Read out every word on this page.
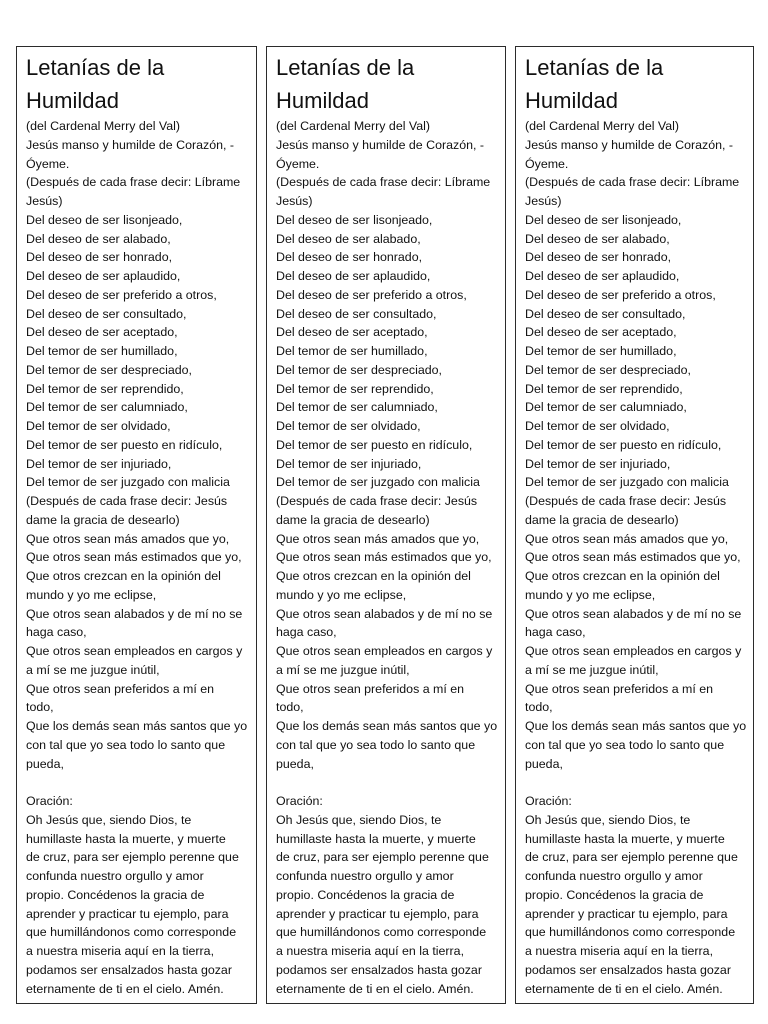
Letanías de la
Humildad
(del Cardenal Merry del Val)
Jesús manso y humilde de Corazón, -
Óyeme.
(Después de cada frase decir: Líbrame
Jesús)
Del deseo de ser lisonjeado,
Del deseo de ser alabado,
Del deseo de ser honrado,
Del deseo de ser aplaudido,
Del deseo de ser preferido a otros,
Del deseo de ser consultado,
Del deseo de ser aceptado,
Del temor de ser humillado,
Del temor de ser despreciado,
Del temor de ser reprendido,
Del temor de ser calumniado,
Del temor de ser olvidado,
Del temor de ser puesto en ridículo,
Del temor de ser injuriado,
Del temor de ser juzgado con malicia
(Después de cada frase decir: Jesús
dame la gracia de desearlo)
Que otros sean más amados que yo,
Que otros sean más estimados que yo,
Que otros crezcan en la opinión del
mundo y yo me eclipse,
Que otros sean alabados y de mí no se
haga caso,
Que otros sean empleados en cargos y
a mí se me juzgue inútil,
Que otros sean preferidos a mí en
todo,
Que los demás sean más santos que yo
con tal que yo sea todo lo santo que
pueda,
Oración:
Oh Jesús que, siendo Dios, te
humillaste hasta la muerte, y muerte
de cruz, para ser ejemplo perenne que
confunda nuestro orgullo y amor
propio. Concédenos la gracia de
aprender y practicar tu ejemplo, para
que humillándonos como corresponde
a nuestra miseria aquí en la tierra,
podamos ser ensalzados hasta gozar
eternamente de ti en el cielo. Amén.
Letanías de la
Humildad
(del Cardenal Merry del Val)
Jesús manso y humilde de Corazón, -
Óyeme.
(Después de cada frase decir: Líbrame
Jesús)
Del deseo de ser lisonjeado,
Del deseo de ser alabado,
Del deseo de ser honrado,
Del deseo de ser aplaudido,
Del deseo de ser preferido a otros,
Del deseo de ser consultado,
Del deseo de ser aceptado,
Del temor de ser humillado,
Del temor de ser despreciado,
Del temor de ser reprendido,
Del temor de ser calumniado,
Del temor de ser olvidado,
Del temor de ser puesto en ridículo,
Del temor de ser injuriado,
Del temor de ser juzgado con malicia
(Después de cada frase decir: Jesús
dame la gracia de desearlo)
Que otros sean más amados que yo,
Que otros sean más estimados que yo,
Que otros crezcan en la opinión del
mundo y yo me eclipse,
Que otros sean alabados y de mí no se
haga caso,
Que otros sean empleados en cargos y
a mí se me juzgue inútil,
Que otros sean preferidos a mí en
todo,
Que los demás sean más santos que yo
con tal que yo sea todo lo santo que
pueda,
Oración:
Oh Jesús que, siendo Dios, te
humillaste hasta la muerte, y muerte
de cruz, para ser ejemplo perenne que
confunda nuestro orgullo y amor
propio. Concédenos la gracia de
aprender y practicar tu ejemplo, para
que humillándonos como corresponde
a nuestra miseria aquí en la tierra,
podamos ser ensalzados hasta gozar
eternamente de ti en el cielo. Amén.
Letanías de la
Humildad
(del Cardenal Merry del Val)
Jesús manso y humilde de Corazón, -
Óyeme.
(Después de cada frase decir: Líbrame
Jesús)
Del deseo de ser lisonjeado,
Del deseo de ser alabado,
Del deseo de ser honrado,
Del deseo de ser aplaudido,
Del deseo de ser preferido a otros,
Del deseo de ser consultado,
Del deseo de ser aceptado,
Del temor de ser humillado,
Del temor de ser despreciado,
Del temor de ser reprendido,
Del temor de ser calumniado,
Del temor de ser olvidado,
Del temor de ser puesto en ridículo,
Del temor de ser injuriado,
Del temor de ser juzgado con malicia
(Después de cada frase decir: Jesús
dame la gracia de desearlo)
Que otros sean más amados que yo,
Que otros sean más estimados que yo,
Que otros crezcan en la opinión del
mundo y yo me eclipse,
Que otros sean alabados y de mí no se
haga caso,
Que otros sean empleados en cargos y
a mí se me juzgue inútil,
Que otros sean preferidos a mí en
todo,
Que los demás sean más santos que yo
con tal que yo sea todo lo santo que
pueda,
Oración:
Oh Jesús que, siendo Dios, te
humillaste hasta la muerte, y muerte
de cruz, para ser ejemplo perenne que
confunda nuestro orgullo y amor
propio. Concédenos la gracia de
aprender y practicar tu ejemplo, para
que humillándonos como corresponde
a nuestra miseria aquí en la tierra,
podamos ser ensalzados hasta gozar
eternamente de ti en el cielo. Amén.
